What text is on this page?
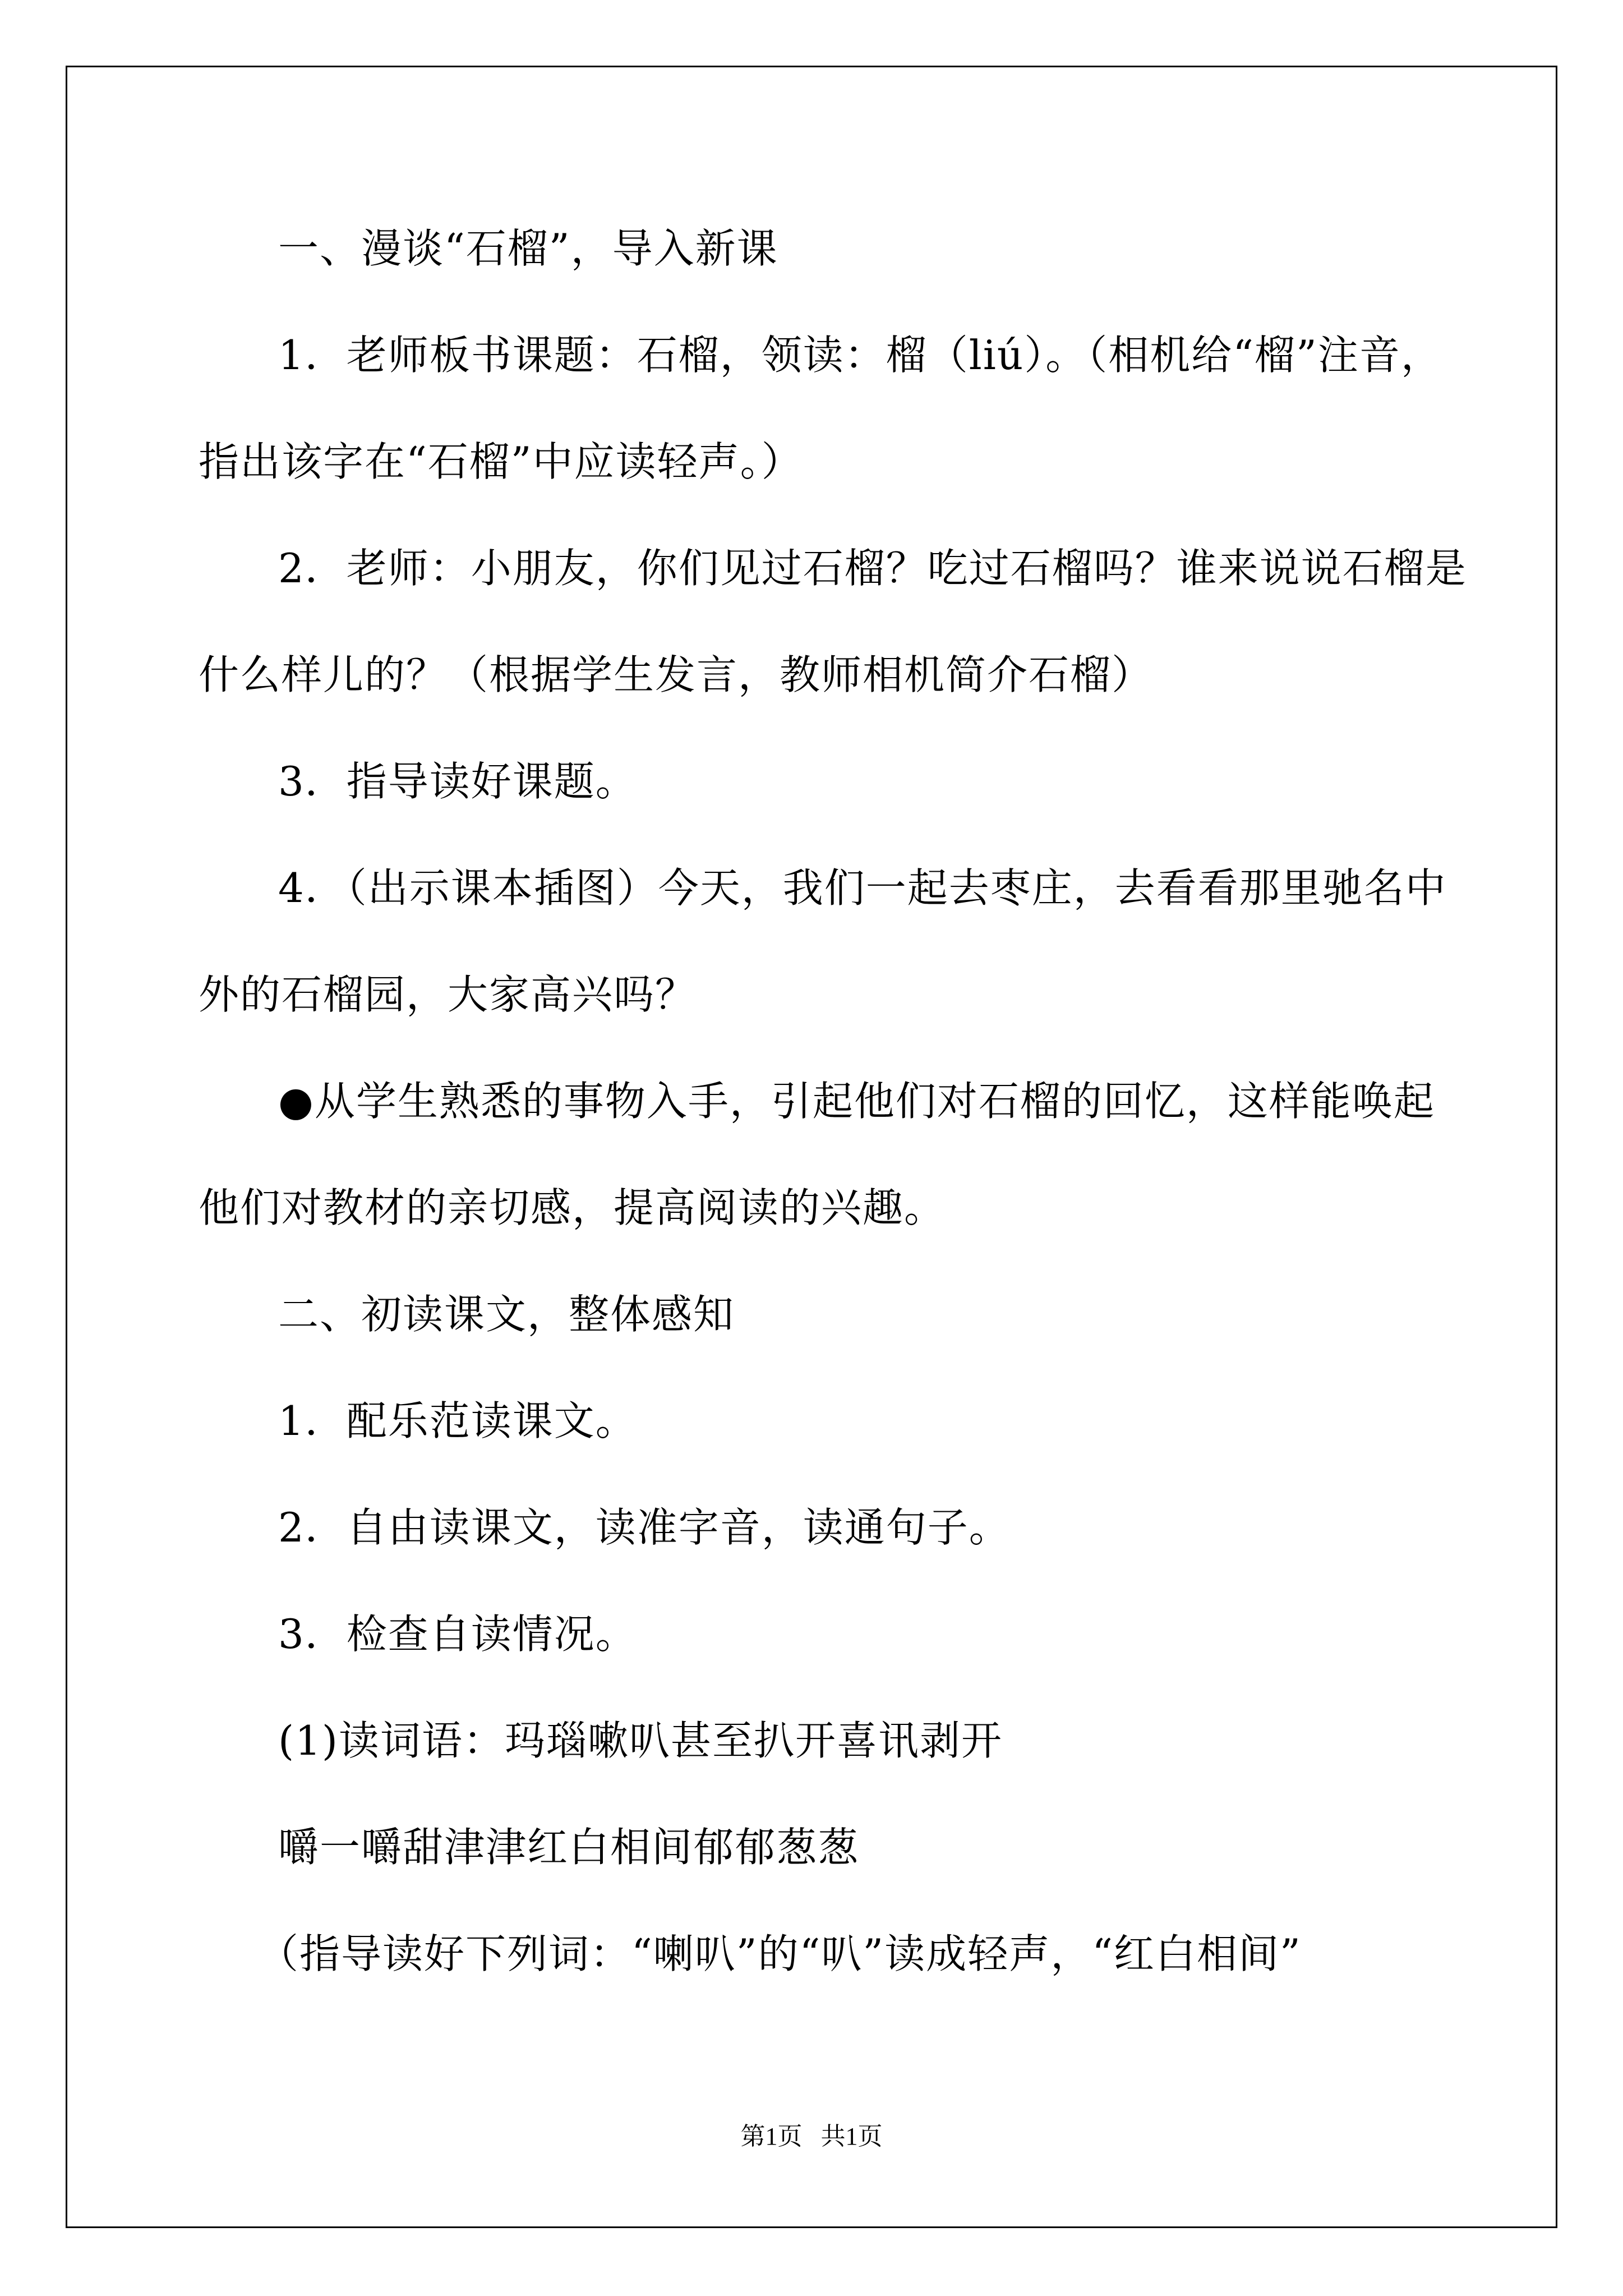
一、漫谈“石榴”，导入新课
1．老师板书课题：石榴，领读：榴（liú）。（相机给“榴”注音，
指出该字在“石榴”中应读轻声。）
2．老师：小朋友，你们见过石榴？吃过石榴吗？谁来说说石榴是
什么样儿的？（根据学生发言，教师相机简介石榴）
3．指导读好课题。
4．（出示课本插图）今天，我们一起去枣庄，去看看那里驰名中
外的石榴园，大家高兴吗？
●从学生熟悉的事物入手，引起他们对石榴的回忆，这样能唤起
他们对教材的亲切感，提高阅读的兴趣。
二、初读课文，整体感知
1．配乐范读课文。
2．自由读课文，读准字音，读通句子。
3．检查自读情况。
(1)读词语：玛瑙嗽叭甚至扒开喜讯剥开
嚼一嚼甜津津红白相间郁郁葱葱
（指导读好下列词：“喇叭”的“叭”读成轻声，“红白相间”
第1页   共1页
